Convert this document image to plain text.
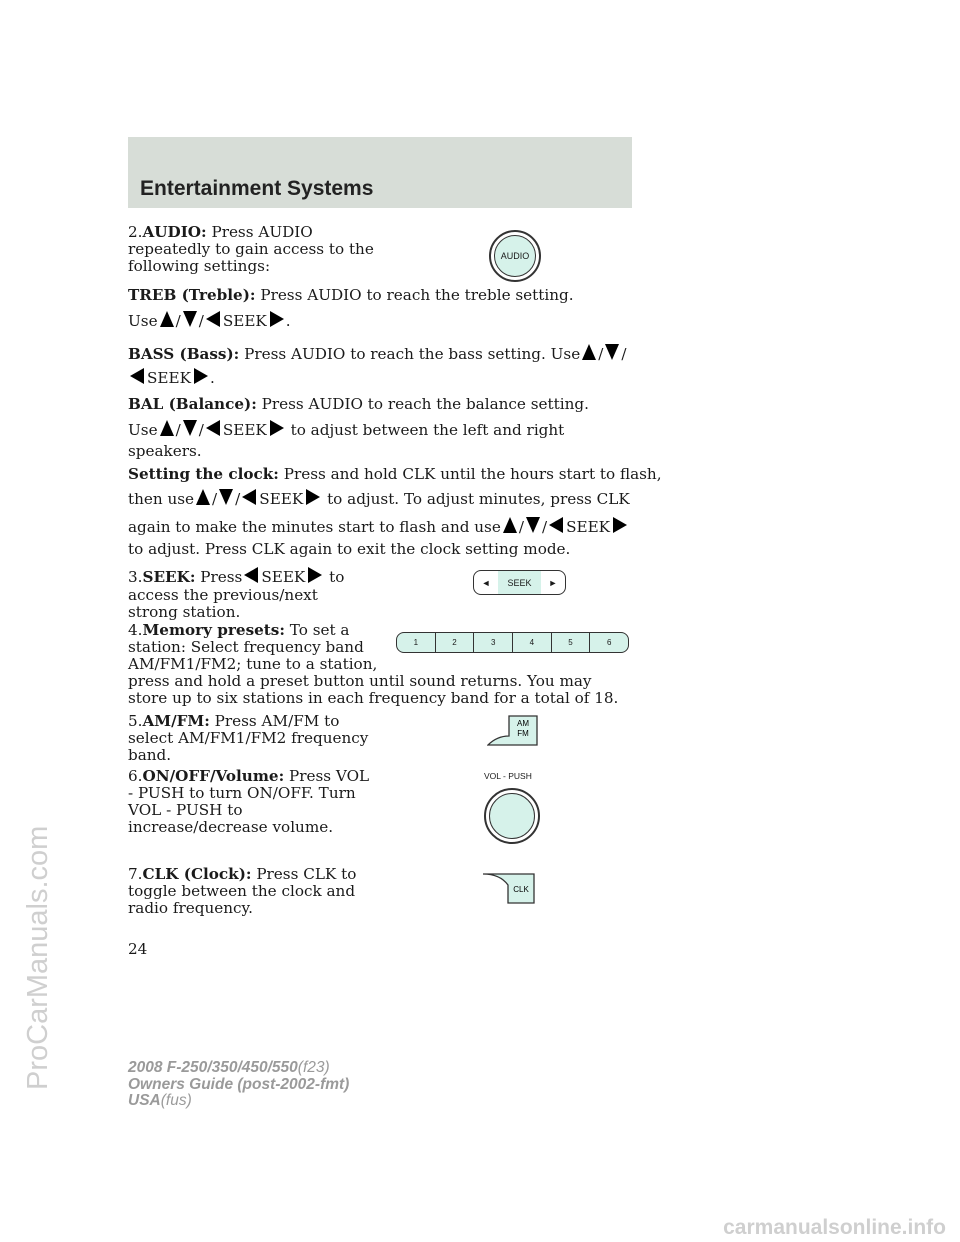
Entertainment Systems
ProCarManuals.com
carmanualsonline.info
2.AUDIO: Press AUDIO repeatedly to gain access to the following settings:
TREB (Treble): Press AUDIO to reach the treble setting.
Use / / SEEK .
BASS (Bass): Press AUDIO to reach the bass setting. Use / /
SEEK .
BAL (Balance): Press AUDIO to reach the balance setting.
Use / / SEEK to adjust between the left and right
speakers.
Setting the clock: Press and hold CLK until the hours start to flash,
then use / / SEEK to adjust. To adjust minutes, press CLK
again to make the minutes start to flash and use / / SEEK
to adjust. Press CLK again to exit the clock setting mode.
3.SEEK: Press SEEK to
access the previous/next strong station.
4.Memory presets: To set a station: Select frequency band AM/FM1/FM2; tune to a station,
press and hold a preset button until sound returns. You may store up to six stations in each frequency band for a total of 18.
5.AM/FM: Press AM/FM to select AM/FM1/FM2 frequency band.
6.ON/OFF/Volume: Press VOL - PUSH to turn ON/OFF. Turn VOL - PUSH to increase/decrease volume.
7.CLK (Clock): Press CLK to toggle between the clock and radio frequency.
AUDIO
◄	SEEK	►
1	2	3	4	5	6
AM
FM
VOL - PUSH
CLK
24
2008 F-250/350/450/550(f23)
Owners Guide (post-2002-fmt)
USA(fus)
